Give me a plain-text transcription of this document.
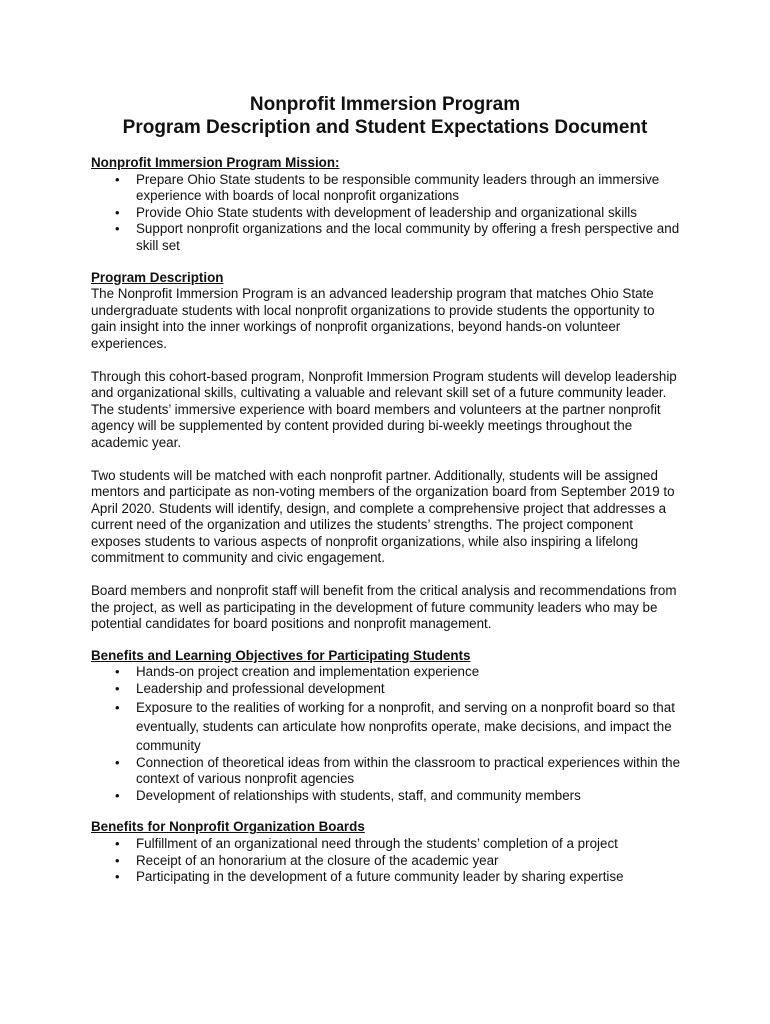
Nonprofit Immersion Program
Program Description and Student Expectations Document
Nonprofit Immersion Program Mission:
• Prepare Ohio State students to be responsible community leaders through an immersive experience with boards of local nonprofit organizations
• Provide Ohio State students with development of leadership and organizational skills
• Support nonprofit organizations and the local community by offering a fresh perspective and skill set
Program Description

The Nonprofit Immersion Program is an advanced leadership program that matches Ohio State undergraduate students with local nonprofit organizations to provide students the opportunity to gain insight into the inner workings of nonprofit organizations, beyond hands-on volunteer experiences.

Through this cohort-based program, Nonprofit Immersion Program students will develop leadership and organizational skills, cultivating a valuable and relevant skill set of a future community leader. The students’ immersive experience with board members and volunteers at the partner nonprofit agency will be supplemented by content provided during bi-weekly meetings throughout the academic year.

Two students will be matched with each nonprofit partner. Additionally, students will be assigned mentors and participate as non-voting members of the organization board from September 2019 to April 2020. Students will identify, design, and complete a comprehensive project that addresses a current need of the organization and utilizes the students’ strengths. The project component exposes students to various aspects of nonprofit organizations, while also inspiring a lifelong commitment to community and civic engagement.

Board members and nonprofit staff will benefit from the critical analysis and recommendations from the project, as well as participating in the development of future community leaders who may be potential candidates for board positions and nonprofit management.

Benefits and Learning Objectives for Participating Students
• Hands-on project creation and implementation experience
• Leadership and professional development
• Exposure to the realities of working for a nonprofit, and serving on a nonprofit board so that eventually, students can articulate how nonprofits operate, make decisions, and impact the community
• Connection of theoretical ideas from within the classroom to practical experiences within the context of various nonprofit agencies
• Development of relationships with students, staff, and community members
Benefits for Nonprofit Organization Boards
• Fulfillment of an organizational need through the students’ completion of a project
• Receipt of an honorarium at the closure of the academic year
• Participating in the development of a future community leader by sharing expertise
